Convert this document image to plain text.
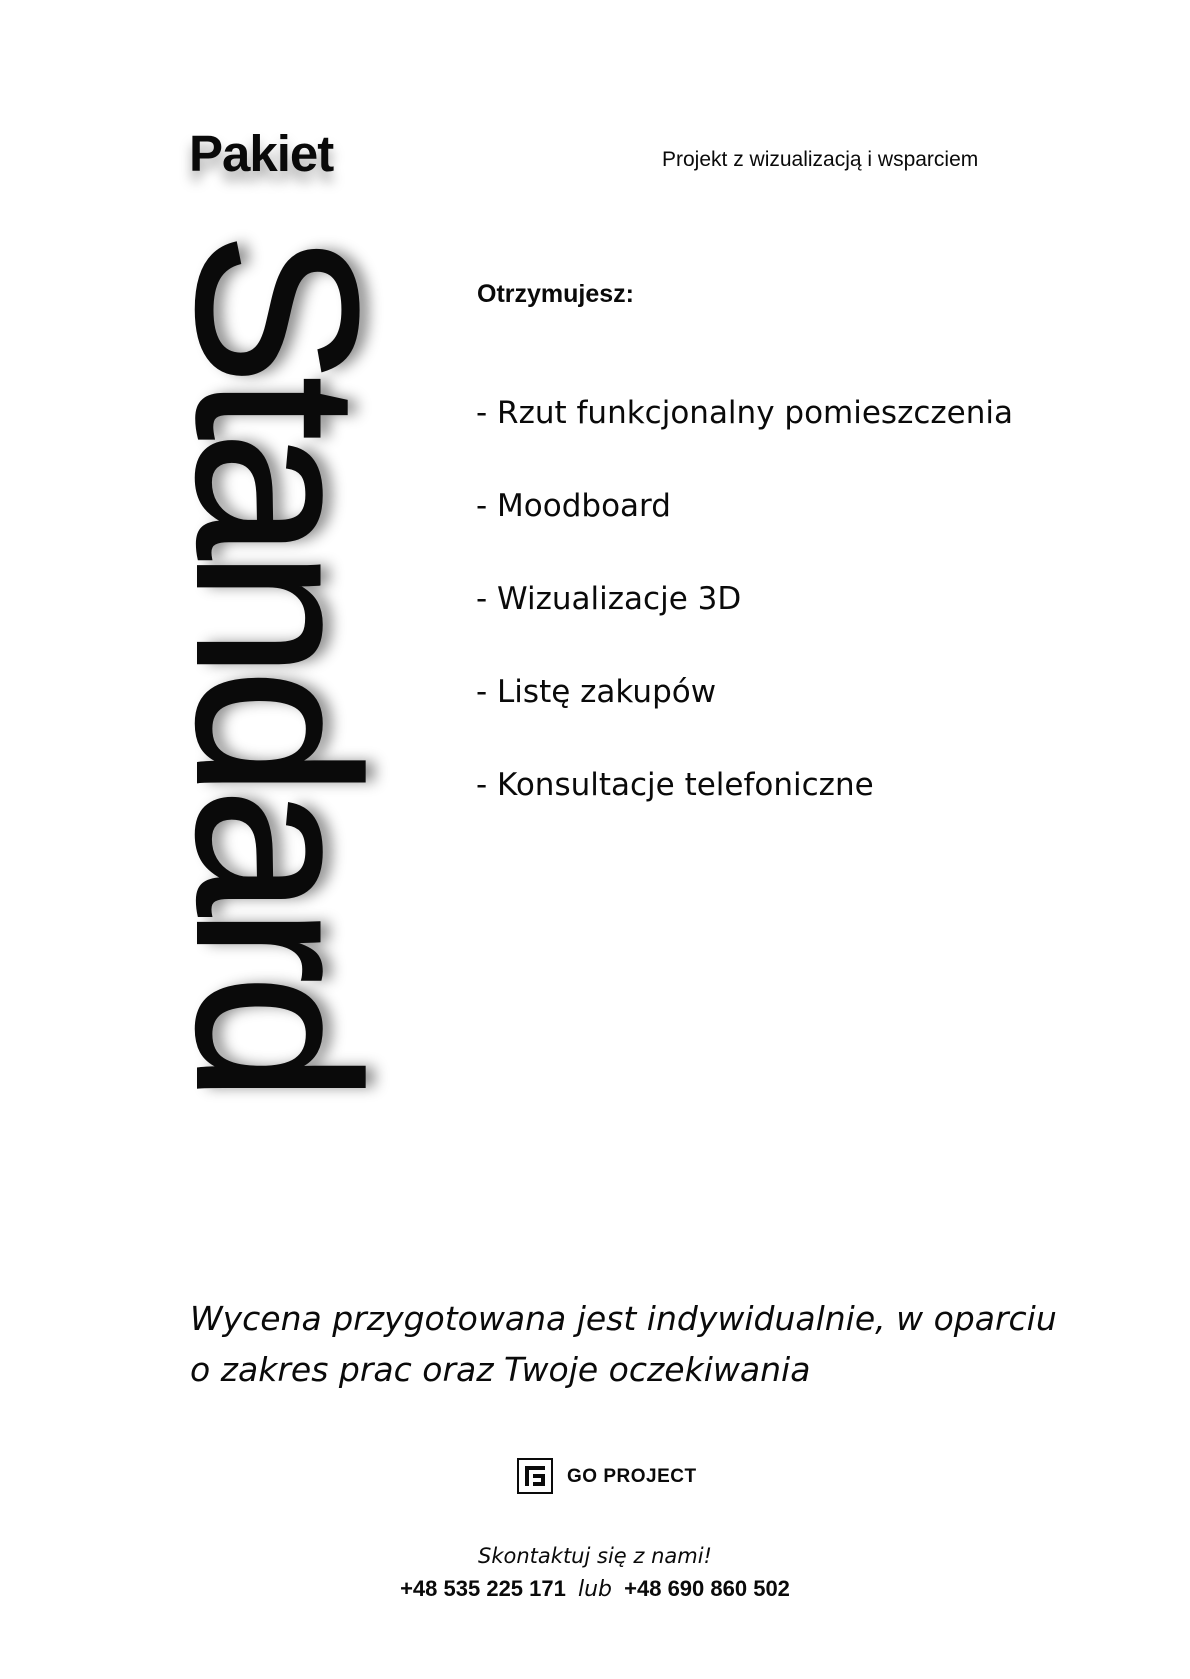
Pakiet	Projekt z wizualizacją i wsparciem
Standard	Otrzymujesz:
- Rzut funkcjonalny pomieszczenia
- Moodboard
- Wizualizacje 3D
- Listę zakupów
- Konsultacje telefoniczne
Wycena przygotowana jest indywidualnie, w oparciu
o zakres prac oraz Twoje oczekiwania
GO PROJECT
Skontaktuj się z nami!
+48 535 225 171 lub +48 690 860 502
